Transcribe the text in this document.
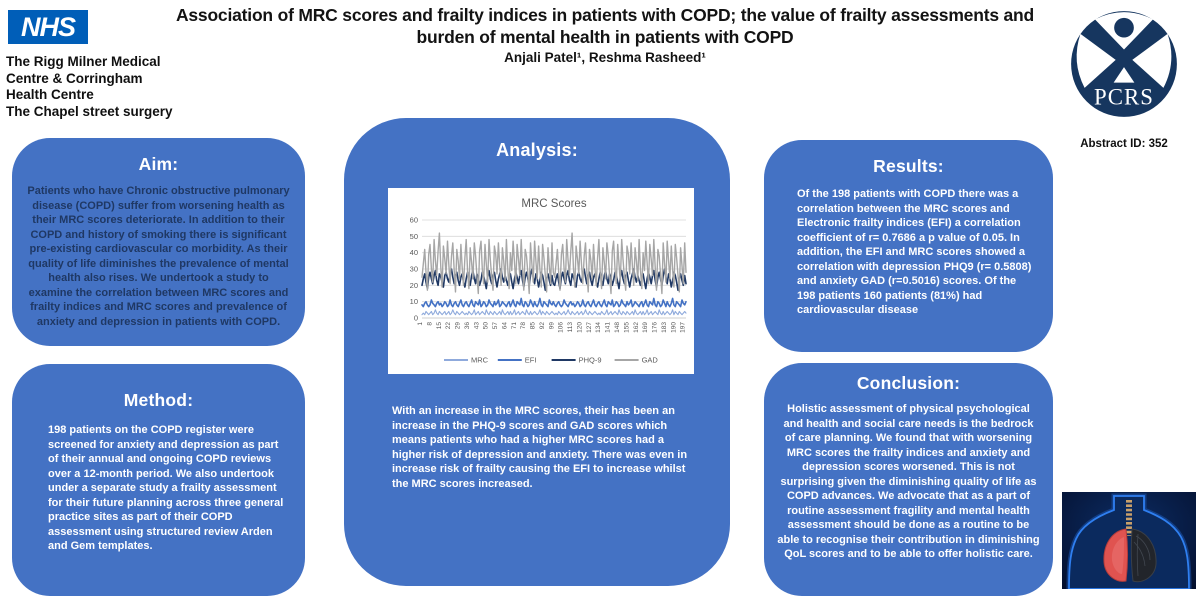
NHS
The Rigg Milner Medical
Centre & Corringham
Health Centre
The Chapel street surgery
Association of MRC scores and frailty indices in patients with COPD; the value of frailty assessments and
burden of mental health in patients with COPD
Anjali Patel¹, Reshma Rasheed¹
PCRS
Abstract ID: 352
Aim:
Patients who have Chronic obstructive pulmonary disease (COPD) suffer from worsening health as their MRC scores deteriorate. In addition to their COPD and history of smoking there is significant pre-existing cardiovascular co morbidity. As their quality of life diminishes the prevalence of mental health also rises. We undertook a study to examine the correlation between MRC scores and frailty indices and MRC scores and prevalence of anxiety and depression in patients with COPD.
Method:
198 patients on the COPD register were screened for anxiety and depression as part of their annual and ongoing COPD reviews over a 12-month period. We also undertook under a separate study a frailty assessment for their future planning across three general practice sites as part of their COPD assessment using structured review Arden and Gem templates.
Analysis:
MRC Scores
0
10
20
30
40
50
60
1 8 15 22 29 36 43 50 57 64 71 78 85 92 99 106 113 120 127 134 141 148 155 162 169 176 183 190 197
MRC	EFI	PHQ-9	GAD
With an increase in the MRC scores, their has been an increase in the PHQ-9 scores and GAD scores which means patients who had a higher MRC scores had a higher risk of depression and anxiety. There was even in increase risk of frailty causing the EFI to increase whilst the MRC scores increased.
Results:
Of the 198 patients with COPD there was a correlation between the MRC scores and Electronic frailty indices (EFI) a correlation coefficient of r= 0.7686 a p value of 0.05. In addition, the EFI and MRC scores showed a correlation with depression PHQ9 (r= 0.5808) and anxiety GAD (r=0.5016) scores. Of the 198 patients 160 patients (81%) had cardiovascular disease
Conclusion:
Holistic assessment of physical psychological and health and social care needs is the bedrock of care planning. We found that with worsening MRC scores the frailty indices and anxiety and depression scores worsened. This is not surprising given the diminishing quality of life as COPD advances. We advocate that as a part of routine assessment fragility and mental health assessment should be done as a routine to be able to recognise their contribution in diminishing QoL scores and to be able to offer holistic care.
